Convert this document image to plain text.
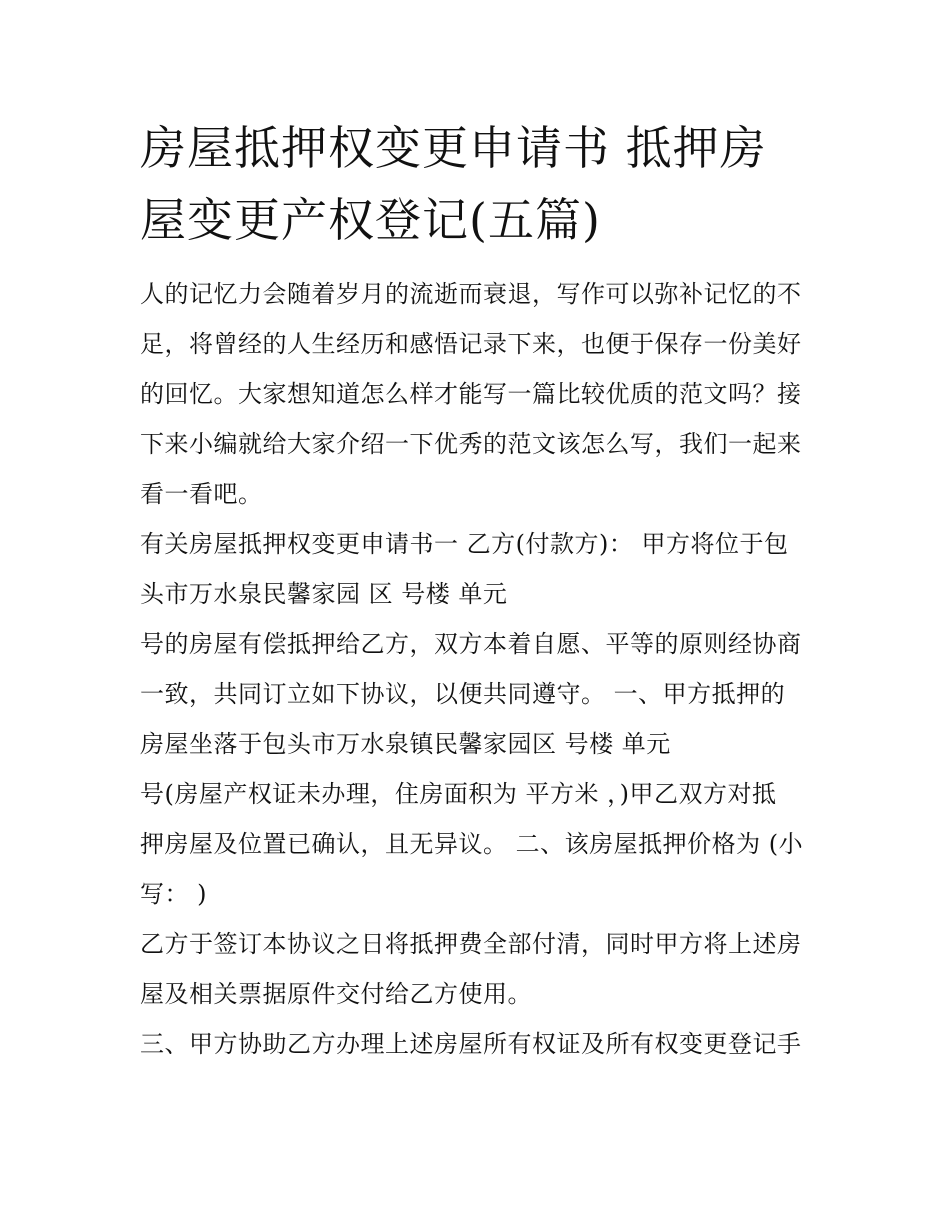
房屋抵押权变更申请书 抵押房
屋变更产权登记(五篇)
人的记忆力会随着岁月的流逝而衰退，写作可以弥补记忆的不
足，将曾经的人生经历和感悟记录下来，也便于保存一份美好
的回忆。大家想知道怎么样才能写一篇比较优质的范文吗？接
下来小编就给大家介绍一下优秀的范文该怎么写，我们一起来
看一看吧。
有关房屋抵押权变更申请书一 乙方(付款方)： 甲方将位于包
头市万水泉民馨家园 区 号楼 单元
号的房屋有偿抵押给乙方，双方本着自愿、平等的原则经协商
一致，共同订立如下协议，以便共同遵守。 一、甲方抵押的
房屋坐落于包头市万水泉镇民馨家园区 号楼 单元
号(房屋产权证未办理，住房面积为 平方米 ，)甲乙双方对抵
押房屋及位置已确认，且无异议。 二、该房屋抵押价格为 (小
写： )
乙方于签订本协议之日将抵押费全部付清，同时甲方将上述房
屋及相关票据原件交付给乙方使用。
三、甲方协助乙方办理上述房屋所有权证及所有权变更登记手
